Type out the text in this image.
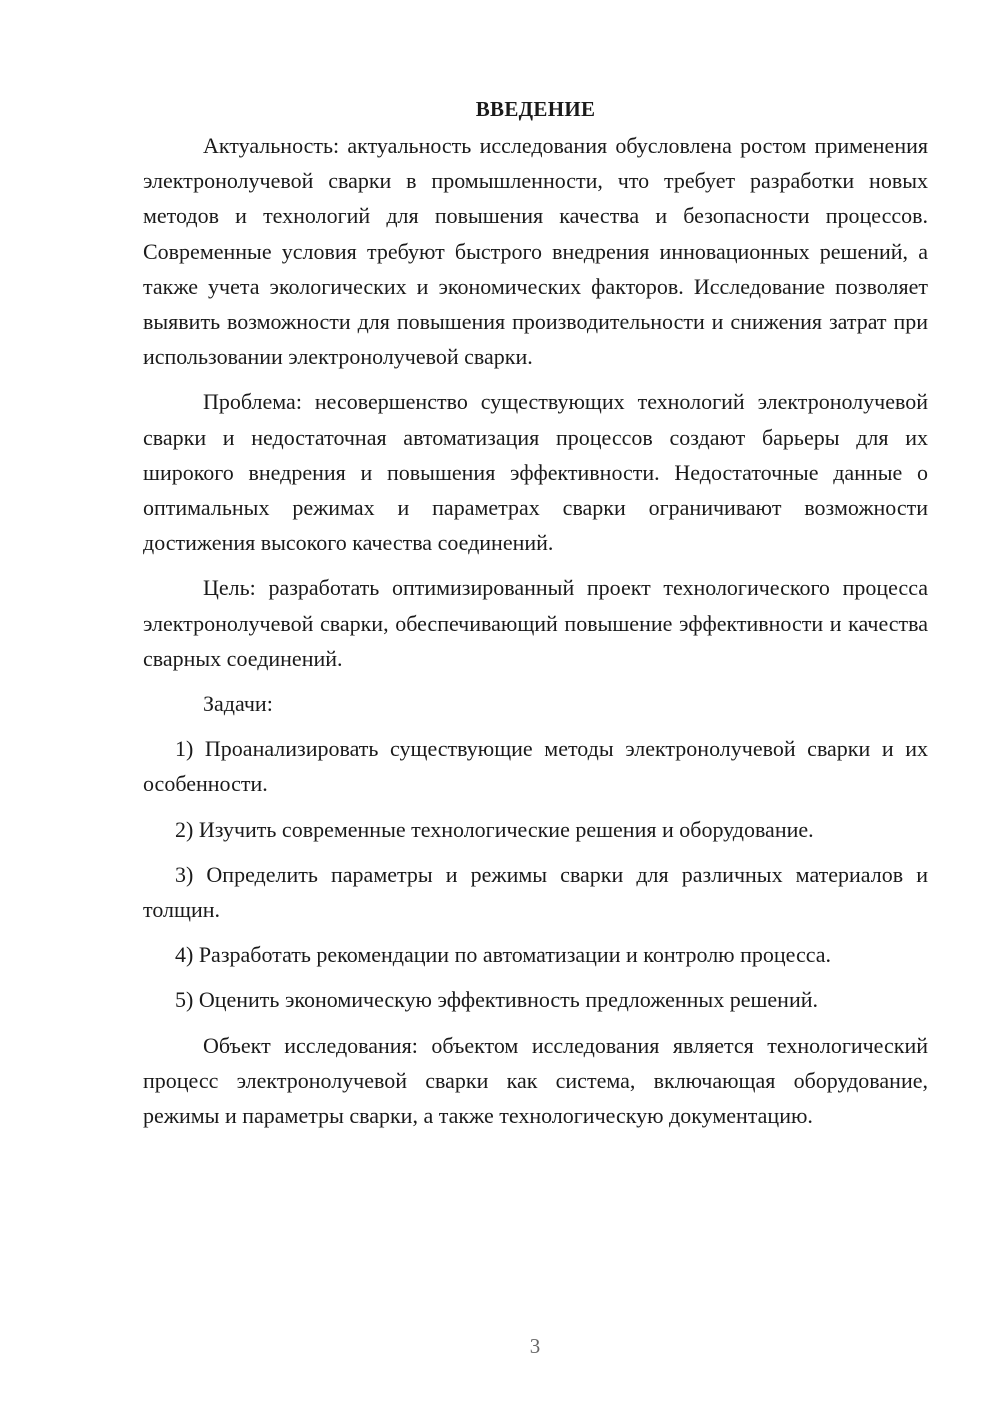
ВВЕДЕНИЕ

Актуальность: актуальность исследования обусловлена ростом применения электронолучевой сварки в промышленности, что требует разработки новых методов и технологий для повышения качества и безопасности процессов. Современные условия требуют быстрого внедрения инновационных решений, а также учета экологических и экономических факторов. Исследование позволяет выявить возможности для повышения производительности и снижения затрат при использовании электронолучевой сварки.

Проблема: несовершенство существующих технологий электронолучевой сварки и недостаточная автоматизация процессов создают барьеры для их широкого внедрения и повышения эффективности. Недостаточные данные о оптимальных режимах и параметрах сварки ограничивают возможности достижения высокого качества соединений.

Цель: разработать оптимизированный проект технологического процесса электронолучевой сварки, обеспечивающий повышение эффективности и качества сварных соединений.

Задачи:

1) Проанализировать существующие методы электронолучевой сварки и их особенности.

2) Изучить современные технологические решения и оборудование.

3) Определить параметры и режимы сварки для различных материалов и толщин.

4) Разработать рекомендации по автоматизации и контролю процесса.

5) Оценить экономическую эффективность предложенных решений.

Объект исследования: объектом исследования является технологический процесс электронолучевой сварки как система, включающая оборудование, режимы и параметры сварки, а также технологическую документацию.

3
